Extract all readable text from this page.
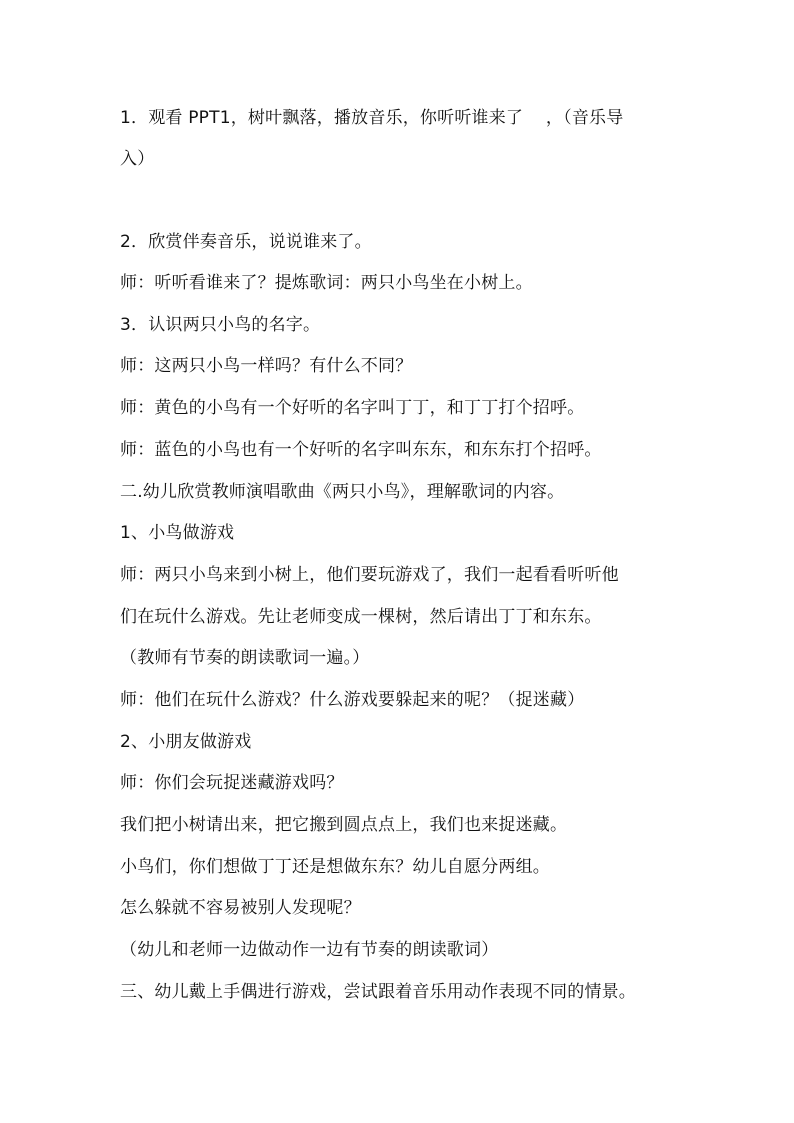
1．观看 PPT1，树叶飘落，播放音乐，你听听谁来了　 ，（音乐导
入）
2．欣赏伴奏音乐，说说谁来了。
师：听听看谁来了？提炼歌词：两只小鸟坐在小树上。
3．认识两只小鸟的名字。
师：这两只小鸟一样吗？有什么不同？
师：黄色的小鸟有一个好听的名字叫丁丁，和丁丁打个招呼。
师：蓝色的小鸟也有一个好听的名字叫东东，和东东打个招呼。
二.幼儿欣赏教师演唱歌曲《两只小鸟》，理解歌词的内容。
1、小鸟做游戏
师：两只小鸟来到小树上，他们要玩游戏了，我们一起看看听听他
们在玩什么游戏。先让老师变成一棵树，然后请出丁丁和东东。
（教师有节奏的朗读歌词一遍。）
师：他们在玩什么游戏？什么游戏要躲起来的呢？（捉迷藏）
2、小朋友做游戏
师：你们会玩捉迷藏游戏吗？
我们把小树请出来，把它搬到圆点点上，我们也来捉迷藏。
小鸟们，你们想做丁丁还是想做东东？幼儿自愿分两组。
怎么躲就不容易被别人发现呢？
（幼儿和老师一边做动作一边有节奏的朗读歌词）
三、幼儿戴上手偶进行游戏，尝试跟着音乐用动作表现不同的情景。
